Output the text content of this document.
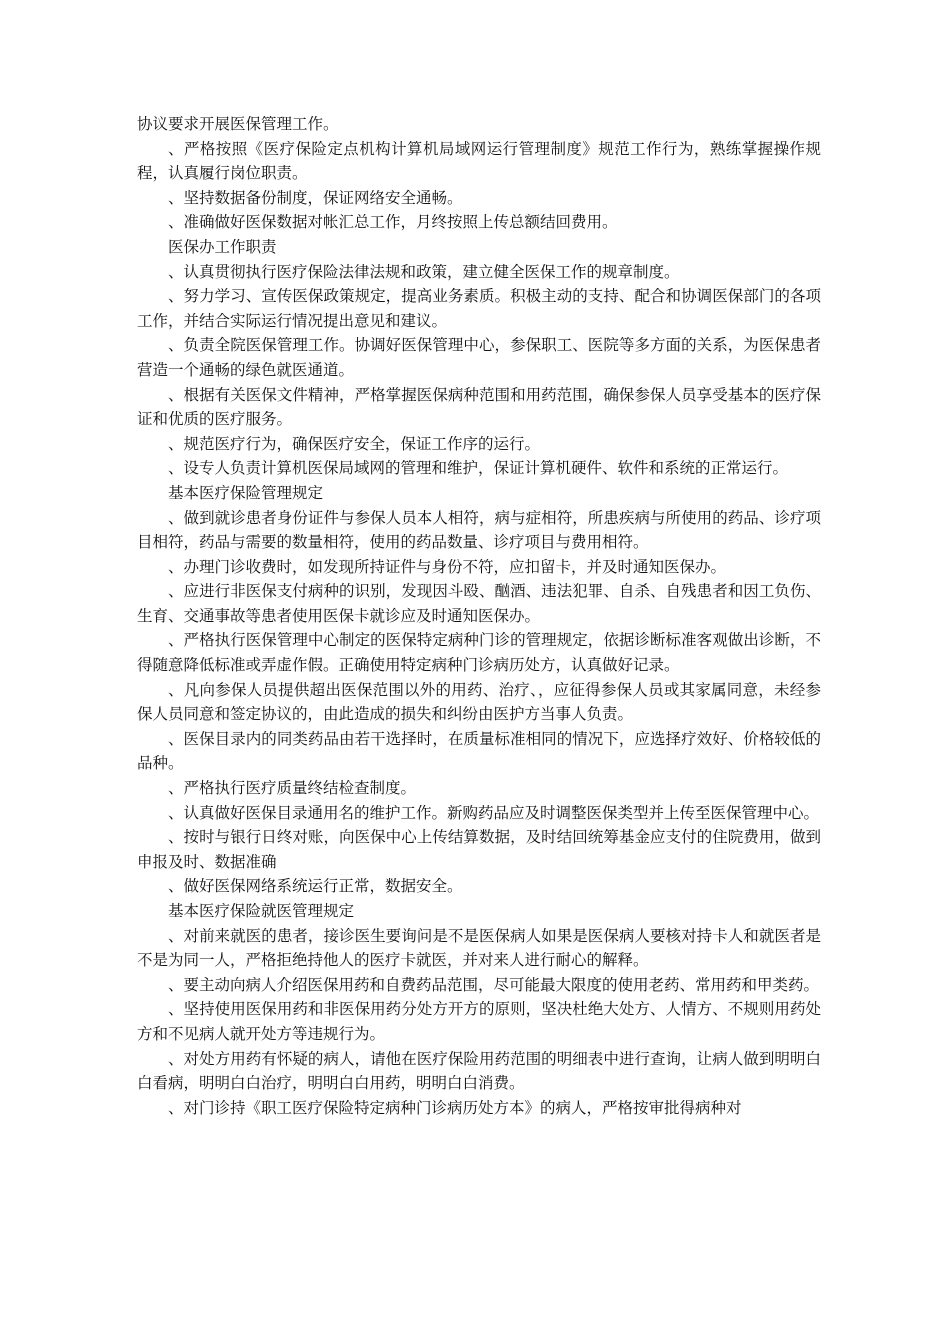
协议要求开展医保管理工作。

、严格按照《医疗保险定点机构计算机局域网运行管理制度》规范工作行为，熟练掌握操作规程，认真履行岗位职责。

、坚持数据备份制度，保证网络安全通畅。

、准确做好医保数据对帐汇总工作，月终按照上传总额结回费用。

医保办工作职责

、认真贯彻执行医疗保险法律法规和政策，建立健全医保工作的规章制度。

、努力学习、宣传医保政策规定，提高业务素质。积极主动的支持、配合和协调医保部门的各项工作，并结合实际运行情况提出意见和建议。

、负责全院医保管理工作。协调好医保管理中心，参保职工、医院等多方面的关系，为医保患者营造一个通畅的绿色就医通道。

、根据有关医保文件精神，严格掌握医保病种范围和用药范围，确保参保人员享受基本的医疗保证和优质的医疗服务。

、规范医疗行为，确保医疗安全，保证工作序的运行。

、设专人负责计算机医保局域网的管理和维护，保证计算机硬件、软件和系统的正常运行。

基本医疗保险管理规定

、做到就诊患者身份证件与参保人员本人相符，病与症相符，所患疾病与所使用的药品、诊疗项目相符，药品与需要的数量相符，使用的药品数量、诊疗项目与费用相符。

、办理门诊收费时，如发现所持证件与身份不符，应扣留卡，并及时通知医保办。

、应进行非医保支付病种的识别，发现因斗殴、酗酒、违法犯罪、自杀、自残患者和因工负伤、生育、交通事故等患者使用医保卡就诊应及时通知医保办。

、严格执行医保管理中心制定的医保特定病种门诊的管理规定，依据诊断标准客观做出诊断，不得随意降低标准或弄虚作假。正确使用特定病种门诊病历处方，认真做好记录。

、凡向参保人员提供超出医保范围以外的用药、治疗、，应征得参保人员或其家属同意，未经参保人员同意和签定协议的，由此造成的损失和纠纷由医护方当事人负责。

、医保目录内的同类药品由若干选择时，在质量标准相同的情况下，应选择疗效好、价格较低的品种。

、严格执行医疗质量终结检查制度。

、认真做好医保目录通用名的维护工作。新购药品应及时调整医保类型并上传至医保管理中心。

、按时与银行日终对账，向医保中心上传结算数据，及时结回统筹基金应支付的住院费用，做到申报及时、数据准确

、做好医保网络系统运行正常，数据安全。

基本医疗保险就医管理规定

、对前来就医的患者，接诊医生要询问是不是医保病人如果是医保病人要核对持卡人和就医者是不是为同一人，严格拒绝持他人的医疗卡就医，并对来人进行耐心的解释。

、要主动向病人介绍医保用药和自费药品范围，尽可能最大限度的使用老药、常用药和甲类药。

、坚持使用医保用药和非医保用药分处方开方的原则，坚决杜绝大处方、人情方、不规则用药处方和不见病人就开处方等违规行为。

、对处方用药有怀疑的病人，请他在医疗保险用药范围的明细表中进行查询，让病人做到明明白白看病，明明白白治疗，明明白白用药，明明白白消费。

、对门诊持《职工医疗保险特定病种门诊病历处方本》的病人，严格按审批得病种对
